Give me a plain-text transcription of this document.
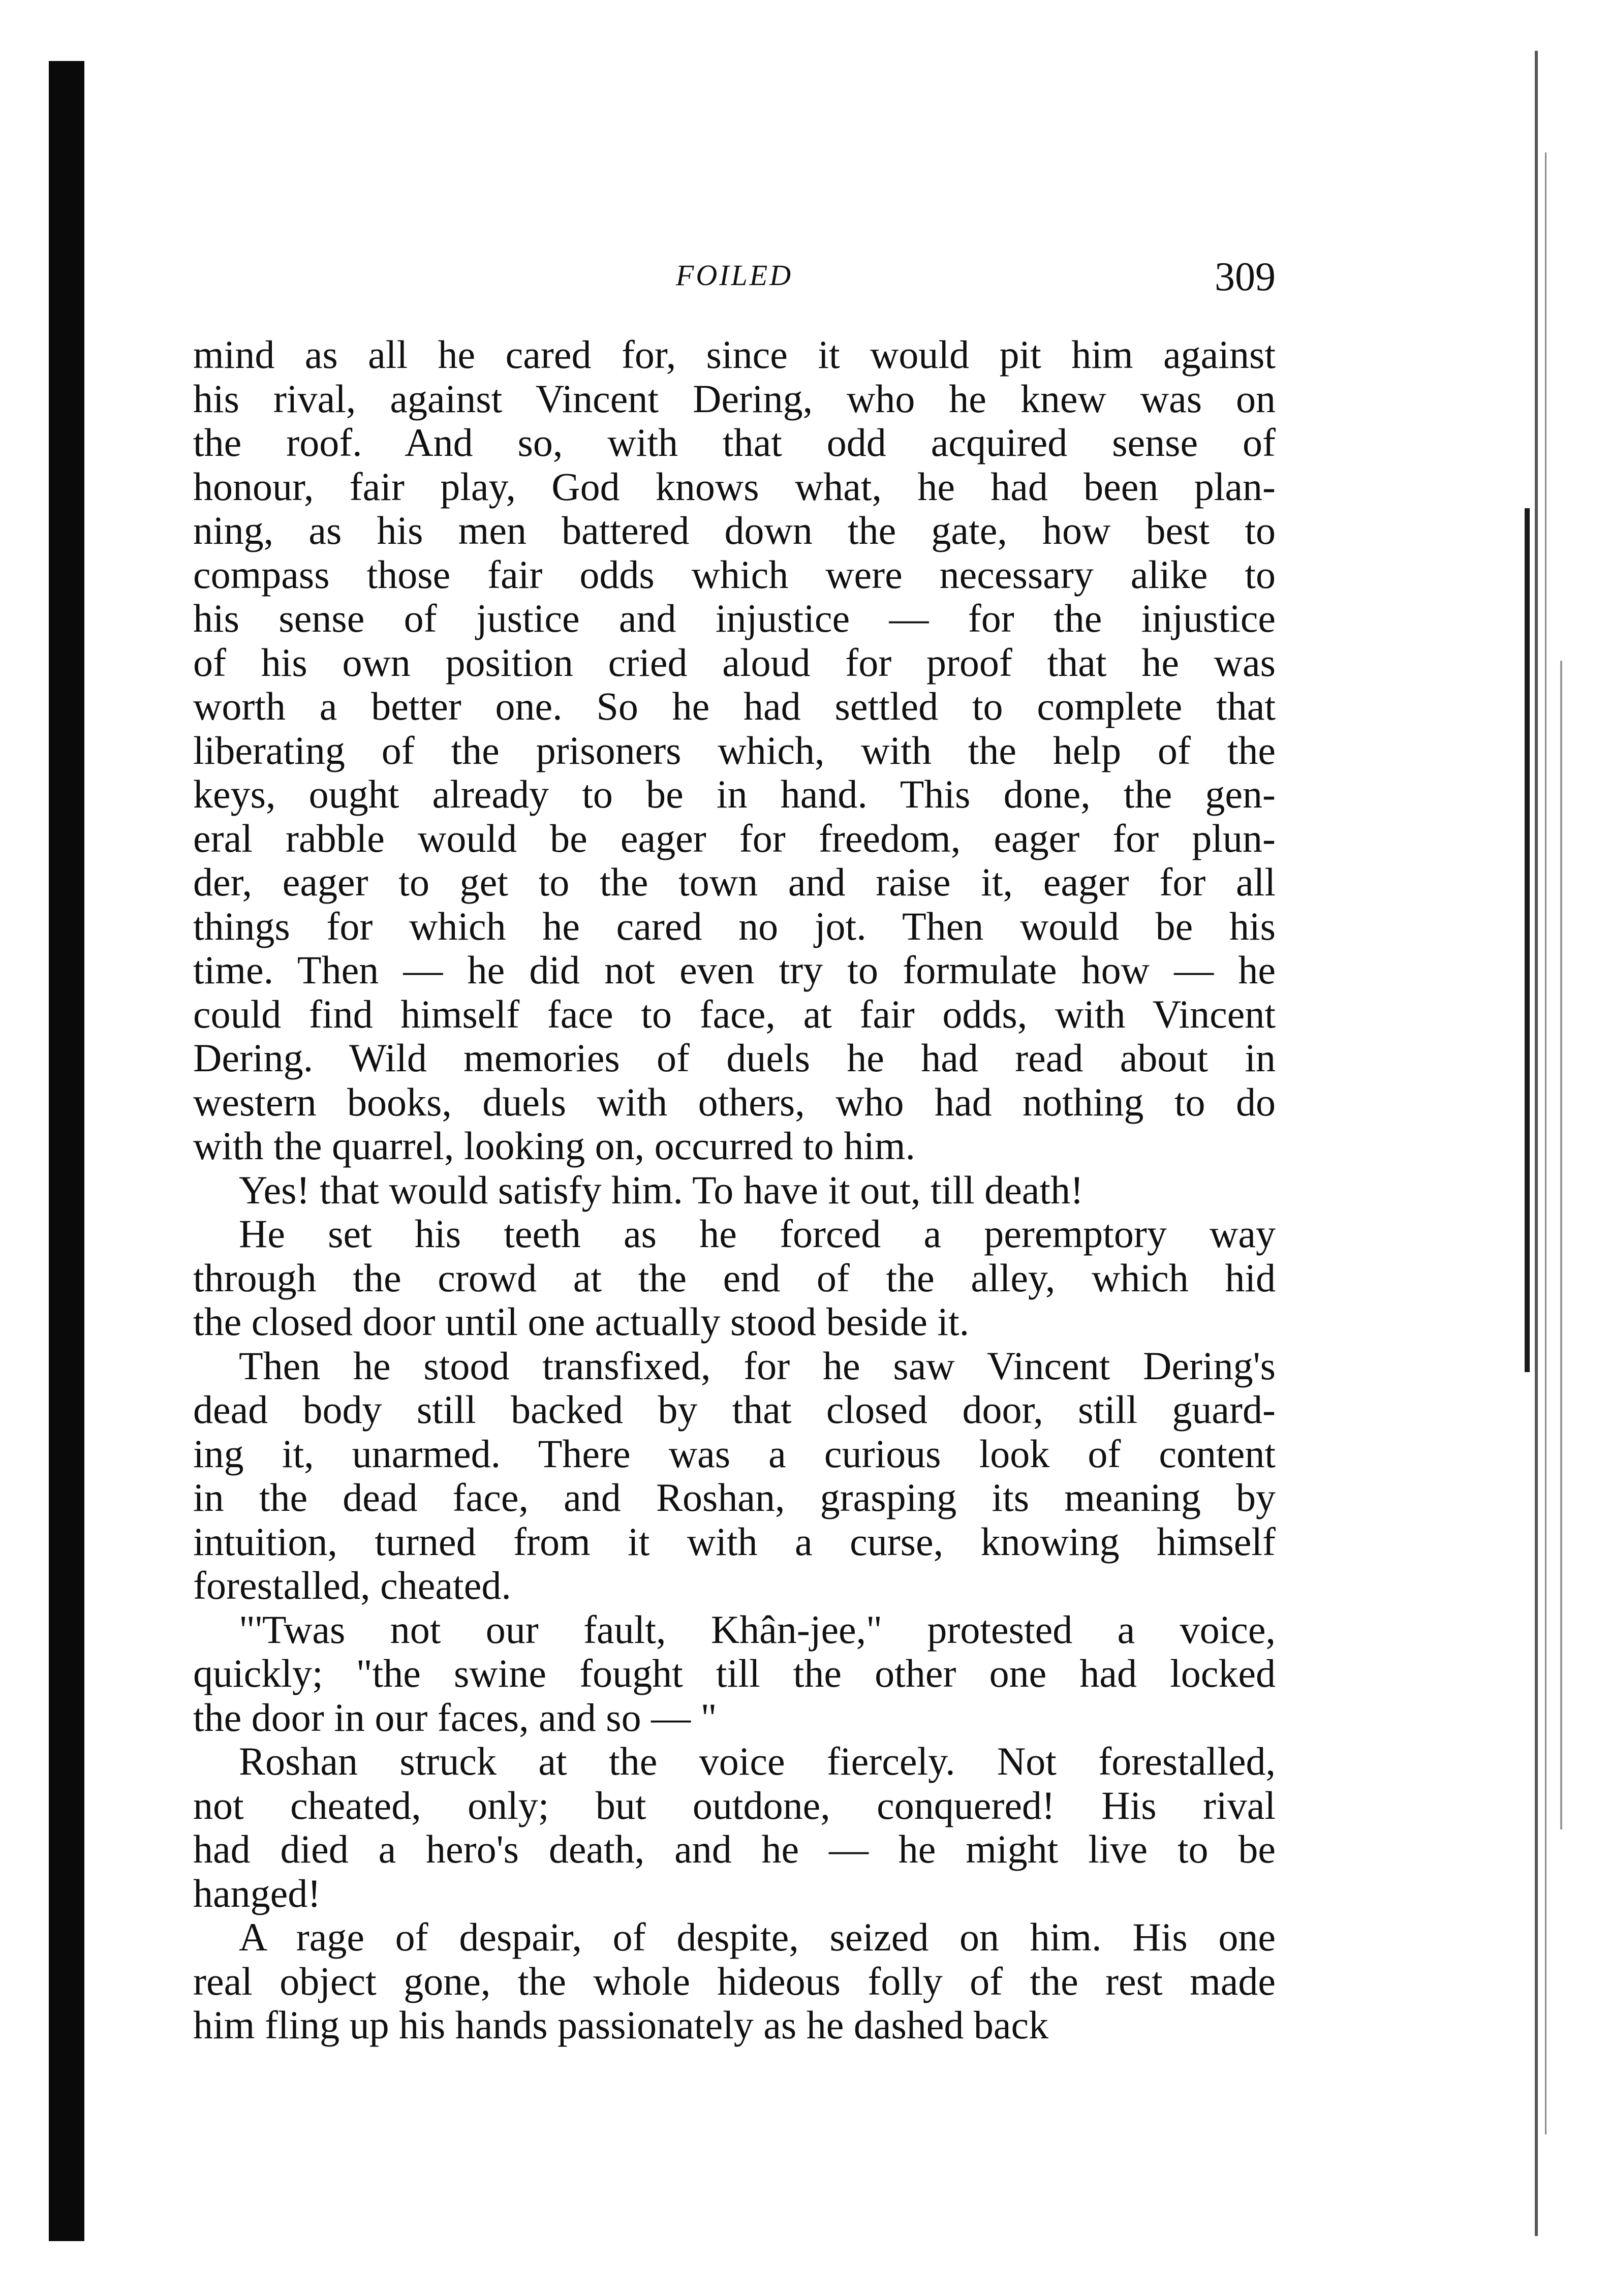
FOILED	309
mind as all he cared for, since it would pit him against
his rival, against Vincent Dering, who he knew was on
the roof. And so, with that odd acquired sense of
honour, fair play, God knows what, he had been plan-
ning, as his men battered down the gate, how best to
compass those fair odds which were necessary alike to
his sense of justice and injustice — for the injustice
of his own position cried aloud for proof that he was
worth a better one. So he had settled to complete that
liberating of the prisoners which, with the help of the
keys, ought already to be in hand. This done, the gen-
eral rabble would be eager for freedom, eager for plun-
der, eager to get to the town and raise it, eager for all
things for which he cared no jot. Then would be his
time. Then — he did not even try to formulate how — he
could find himself face to face, at fair odds, with Vincent
Dering. Wild memories of duels he had read about in
western books, duels with others, who had nothing to do
with the quarrel, looking on, occurred to him.
Yes! that would satisfy him. To have it out, till death!
He set his teeth as he forced a peremptory way
through the crowd at the end of the alley, which hid
the closed door until one actually stood beside it.
Then he stood transfixed, for he saw Vincent Dering's
dead body still backed by that closed door, still guard-
ing it, unarmed. There was a curious look of content
in the dead face, and Roshan, grasping its meaning by
intuition, turned from it with a curse, knowing himself
forestalled, cheated.
"'Twas not our fault, Khân-jee," protested a voice,
quickly; "the swine fought till the other one had locked
the door in our faces, and so — "
Roshan struck at the voice fiercely. Not forestalled,
not cheated, only; but outdone, conquered! His rival
had died a hero's death, and he — he might live to be
hanged!
A rage of despair, of despite, seized on him. His one
real object gone, the whole hideous folly of the rest made
him fling up his hands passionately as he dashed back
